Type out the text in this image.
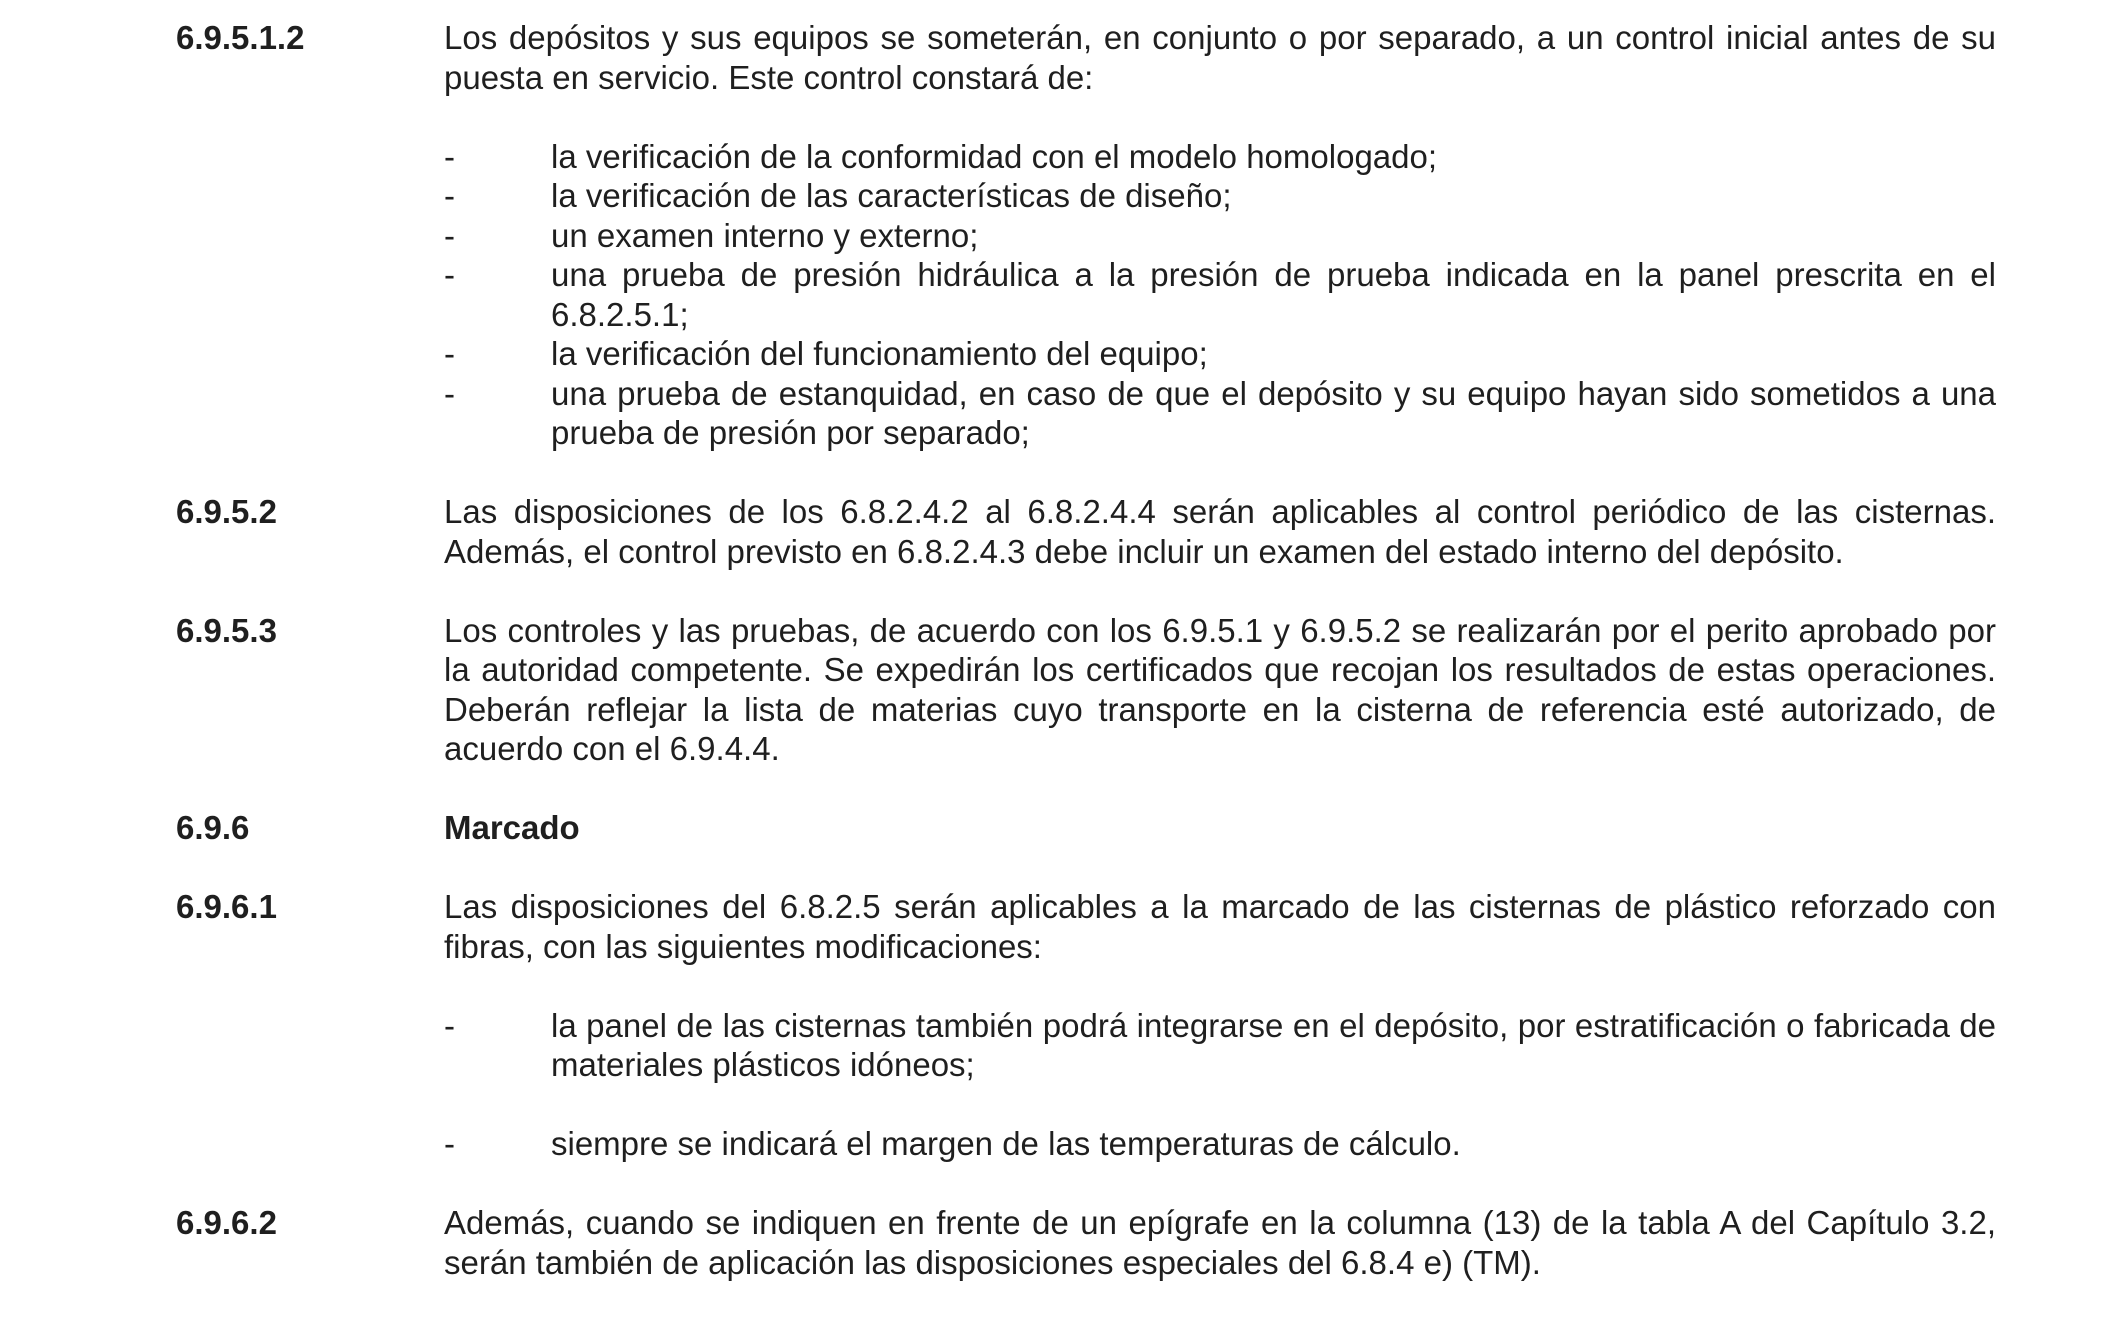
6.9.5.1.2	Los depósitos y sus equipos se someterán, en conjunto o por separado, a un control inicial antes de su puesta en servicio. Este control constará de:

-	la verificación de la conformidad con el modelo homologado;
-	la verificación de las características de diseño;
-	un examen interno y externo;
-	una prueba de presión hidráulica a la presión de prueba indicada en la panel prescrita en el 6.8.2.5.1;
-	la verificación del funcionamiento del equipo;
-	una prueba de estanquidad, en caso de que el depósito y su equipo hayan sido sometidos a una prueba de presión por separado;
6.9.5.2	Las disposiciones de los 6.8.2.4.2 al 6.8.2.4.4 serán aplicables al control periódico de las cisternas. Además, el control previsto en 6.8.2.4.3 debe incluir un examen del estado interno del depósito.

6.9.5.3	Los controles y las pruebas, de acuerdo con los 6.9.5.1 y 6.9.5.2 se realizarán por el perito aprobado por la autoridad competente. Se expedirán los certificados que recojan los resultados de estas operaciones. Deberán reflejar la lista de materias cuyo transporte en la cisterna de referencia esté autorizado, de acuerdo con el 6.9.4.4.

6.9.6	Marcado

6.9.6.1	Las disposiciones del 6.8.2.5 serán aplicables a la marcado de las cisternas de plástico reforzado con fibras, con las siguientes modificaciones:

-	la panel de las cisternas también podrá integrarse en el depósito, por estratificación o fabricada de materiales plásticos idóneos;
-	siempre se indicará el margen de las temperaturas de cálculo.
6.9.6.2	Además, cuando se indiquen en frente de un epígrafe en la columna (13) de la tabla A del Capítulo 3.2, serán también de aplicación las disposiciones especiales del 6.8.4 e) (TM).
